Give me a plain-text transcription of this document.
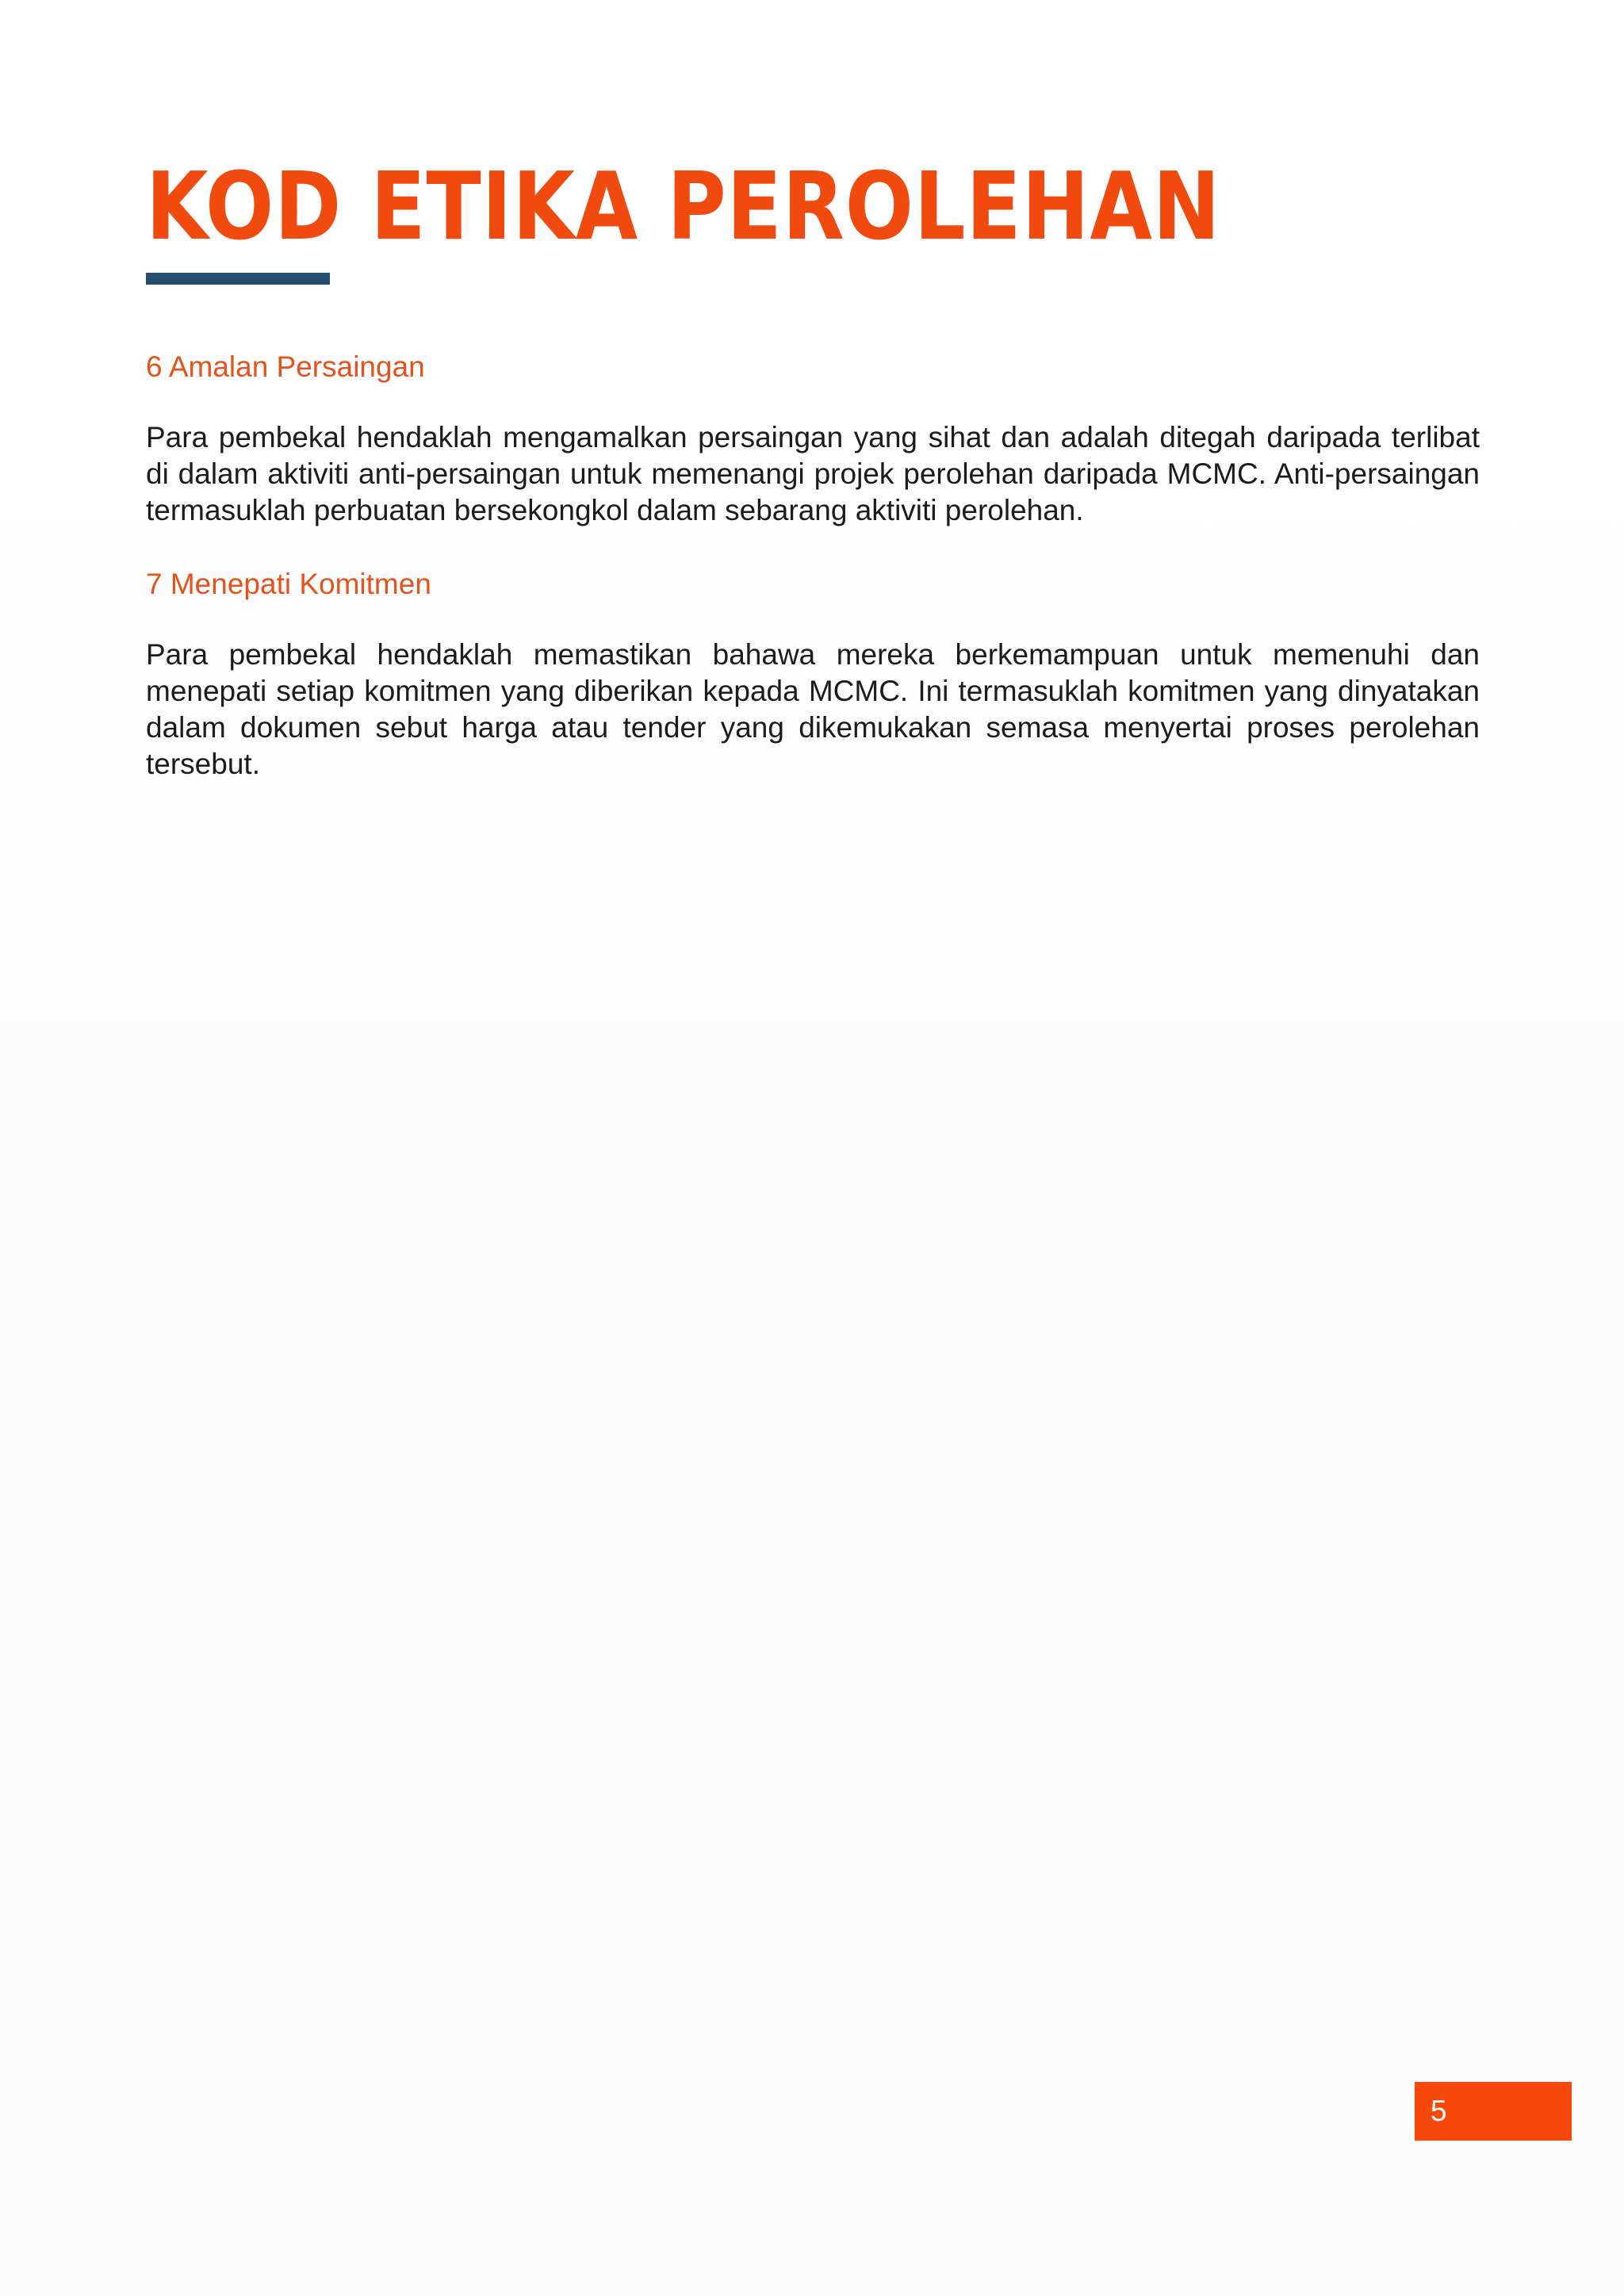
KOD ETIKA PEROLEHAN
6 Amalan Persaingan

Para pembekal hendaklah mengamalkan persaingan yang sihat dan adalah ditegah daripada terlibat di dalam aktiviti anti-persaingan untuk memenangi projek perolehan daripada MCMC. Anti-persaingan termasuklah perbuatan bersekongkol dalam sebarang aktiviti perolehan.

7 Menepati Komitmen

Para pembekal hendaklah memastikan bahawa mereka berkemampuan untuk memenuhi dan menepati setiap komitmen yang diberikan kepada MCMC. Ini termasuklah komitmen yang dinyatakan dalam dokumen sebut harga atau tender yang dikemukakan semasa menyertai proses perolehan tersebut.

5
